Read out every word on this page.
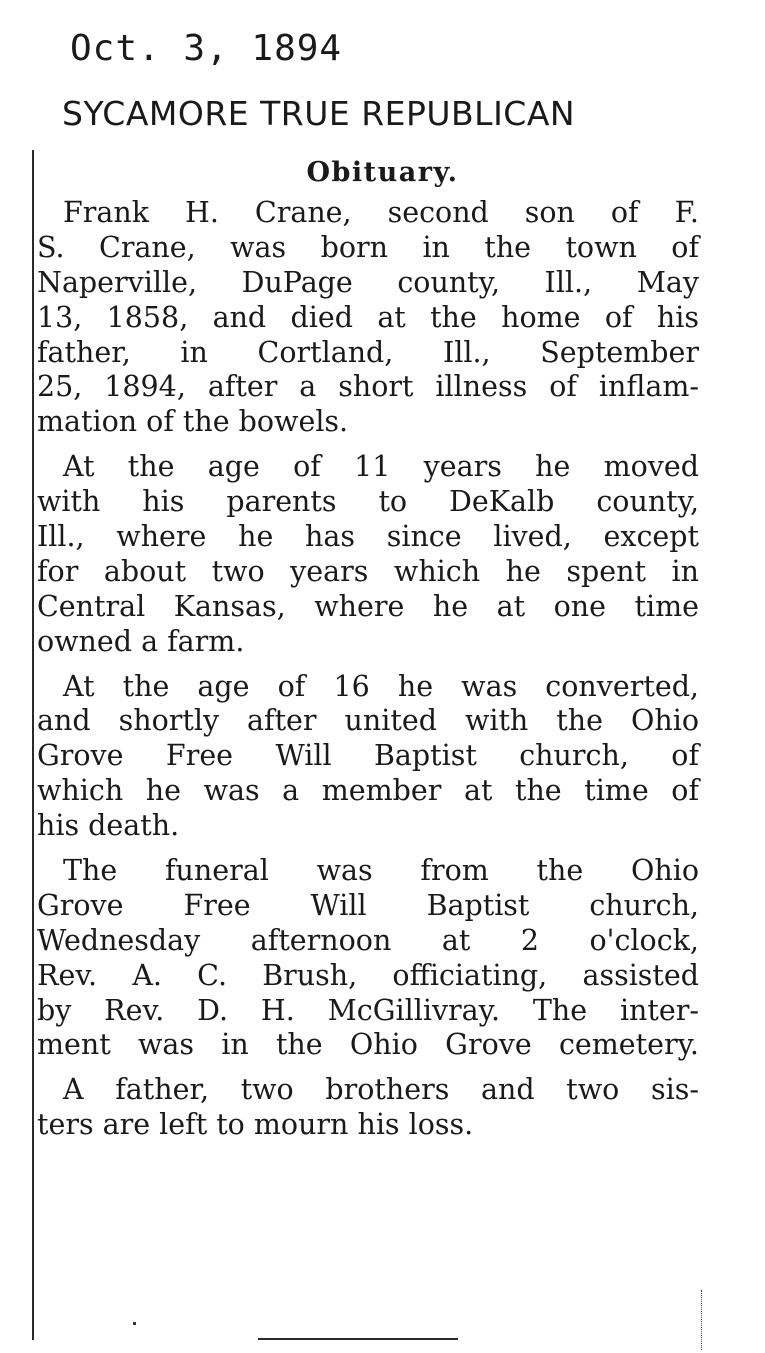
Oct. 3, 1894
SYCAMORE TRUE REPUBLICAN
Obituary.
Frank H. Crane, second son of F.
S. Crane, was born in the town of
Naperville, DuPage county, Ill., May
13, 1858, and died at the home of his
father, in Cortland, Ill., September
25, 1894, after a short illness of inflam-
mation of the bowels.
At the age of 11 years he moved
with his parents to DeKalb county,
Ill., where he has since lived, except
for about two years which he spent in
Central Kansas, where he at one time
owned a farm.
At the age of 16 he was converted,
and shortly after united with the Ohio
Grove Free Will Baptist church, of
which he was a member at the time of
his death.
The funeral was from the Ohio
Grove Free Will Baptist church,
Wednesday afternoon at 2 o'clock,
Rev. A. C. Brush, officiating, assisted
by Rev. D. H. McGillivray. The inter-
ment was in the Ohio Grove cemetery.
A father, two brothers and two sis-
ters are left to mourn his loss.
